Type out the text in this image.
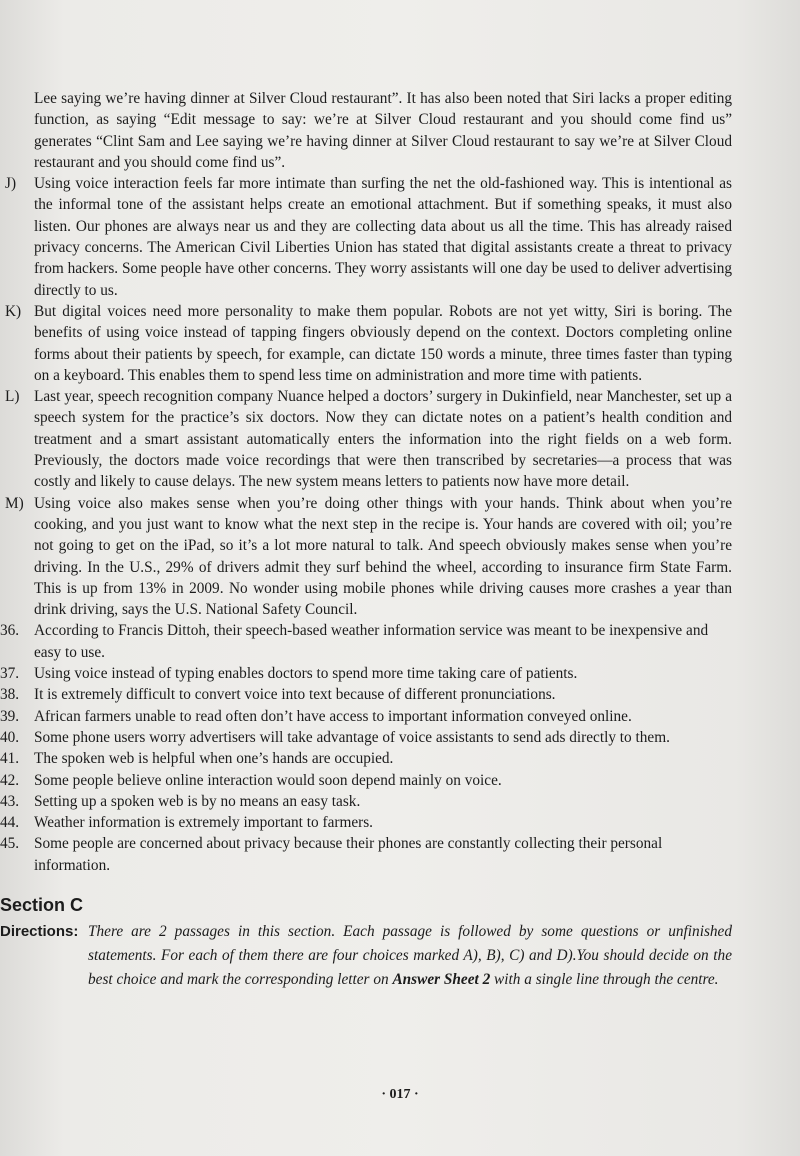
Lee saying we’re having dinner at Silver Cloud restaurant”. It has also been noted that Siri lacks a proper editing function, as saying “Edit message to say: we’re at Silver Cloud restaurant and you should come find us” generates “Clint Sam and Lee saying we’re having dinner at Silver Cloud restaurant to say we’re at Silver Cloud restaurant and you should come find us”.

J) Using voice interaction feels far more intimate than surfing the net the old-fashioned way. This is intentional as the informal tone of the assistant helps create an emotional attachment. But if something speaks, it must also listen. Our phones are always near us and they are collecting data about us all the time. This has already raised privacy concerns. The American Civil Liberties Union has stated that digital assistants create a threat to privacy from hackers. Some people have other concerns. They worry assistants will one day be used to deliver advertising directly to us.

K) But digital voices need more personality to make them popular. Robots are not yet witty, Siri is boring. The benefits of using voice instead of tapping fingers obviously depend on the context. Doctors completing online forms about their patients by speech, for example, can dictate 150 words a minute, three times faster than typing on a keyboard. This enables them to spend less time on administration and more time with patients.

L) Last year, speech recognition company Nuance helped a doctors’ surgery in Dukinfield, near Manchester, set up a speech system for the practice’s six doctors. Now they can dictate notes on a patient’s health condition and treatment and a smart assistant automatically enters the information into the right fields on a web form. Previously, the doctors made voice recordings that were then transcribed by secretaries—a process that was costly and likely to cause delays. The new system means letters to patients now have more detail.

M) Using voice also makes sense when you’re doing other things with your hands. Think about when you’re cooking, and you just want to know what the next step in the recipe is. Your hands are covered with oil; you’re not going to get on the iPad, so it’s a lot more natural to talk. And speech obviously makes sense when you’re driving. In the U.S., 29% of drivers admit they surf behind the wheel, according to insurance firm State Farm. This is up from 13% in 2009. No wonder using mobile phones while driving causes more crashes a year than drink driving, says the U.S. National Safety Council.

36. According to Francis Dittoh, their speech-based weather information service was meant to be inexpensive and easy to use.

37. Using voice instead of typing enables doctors to spend more time taking care of patients.

38. It is extremely difficult to convert voice into text because of different pronunciations.

39. African farmers unable to read often don’t have access to important information conveyed online.

40. Some phone users worry advertisers will take advantage of voice assistants to send ads directly to them.

41. The spoken web is helpful when one’s hands are occupied.

42. Some people believe online interaction would soon depend mainly on voice.

43. Setting up a spoken web is by no means an easy task.

44. Weather information is extremely important to farmers.

45. Some people are concerned about privacy because their phones are constantly collecting their personal information.

Section C
Directions: There are 2 passages in this section. Each passage is followed by some questions or unfinished statements. For each of them there are four choices marked A), B), C) and D).You should decide on the best choice and mark the corresponding letter on Answer Sheet 2 with a single line through the centre.
· 017 ·
